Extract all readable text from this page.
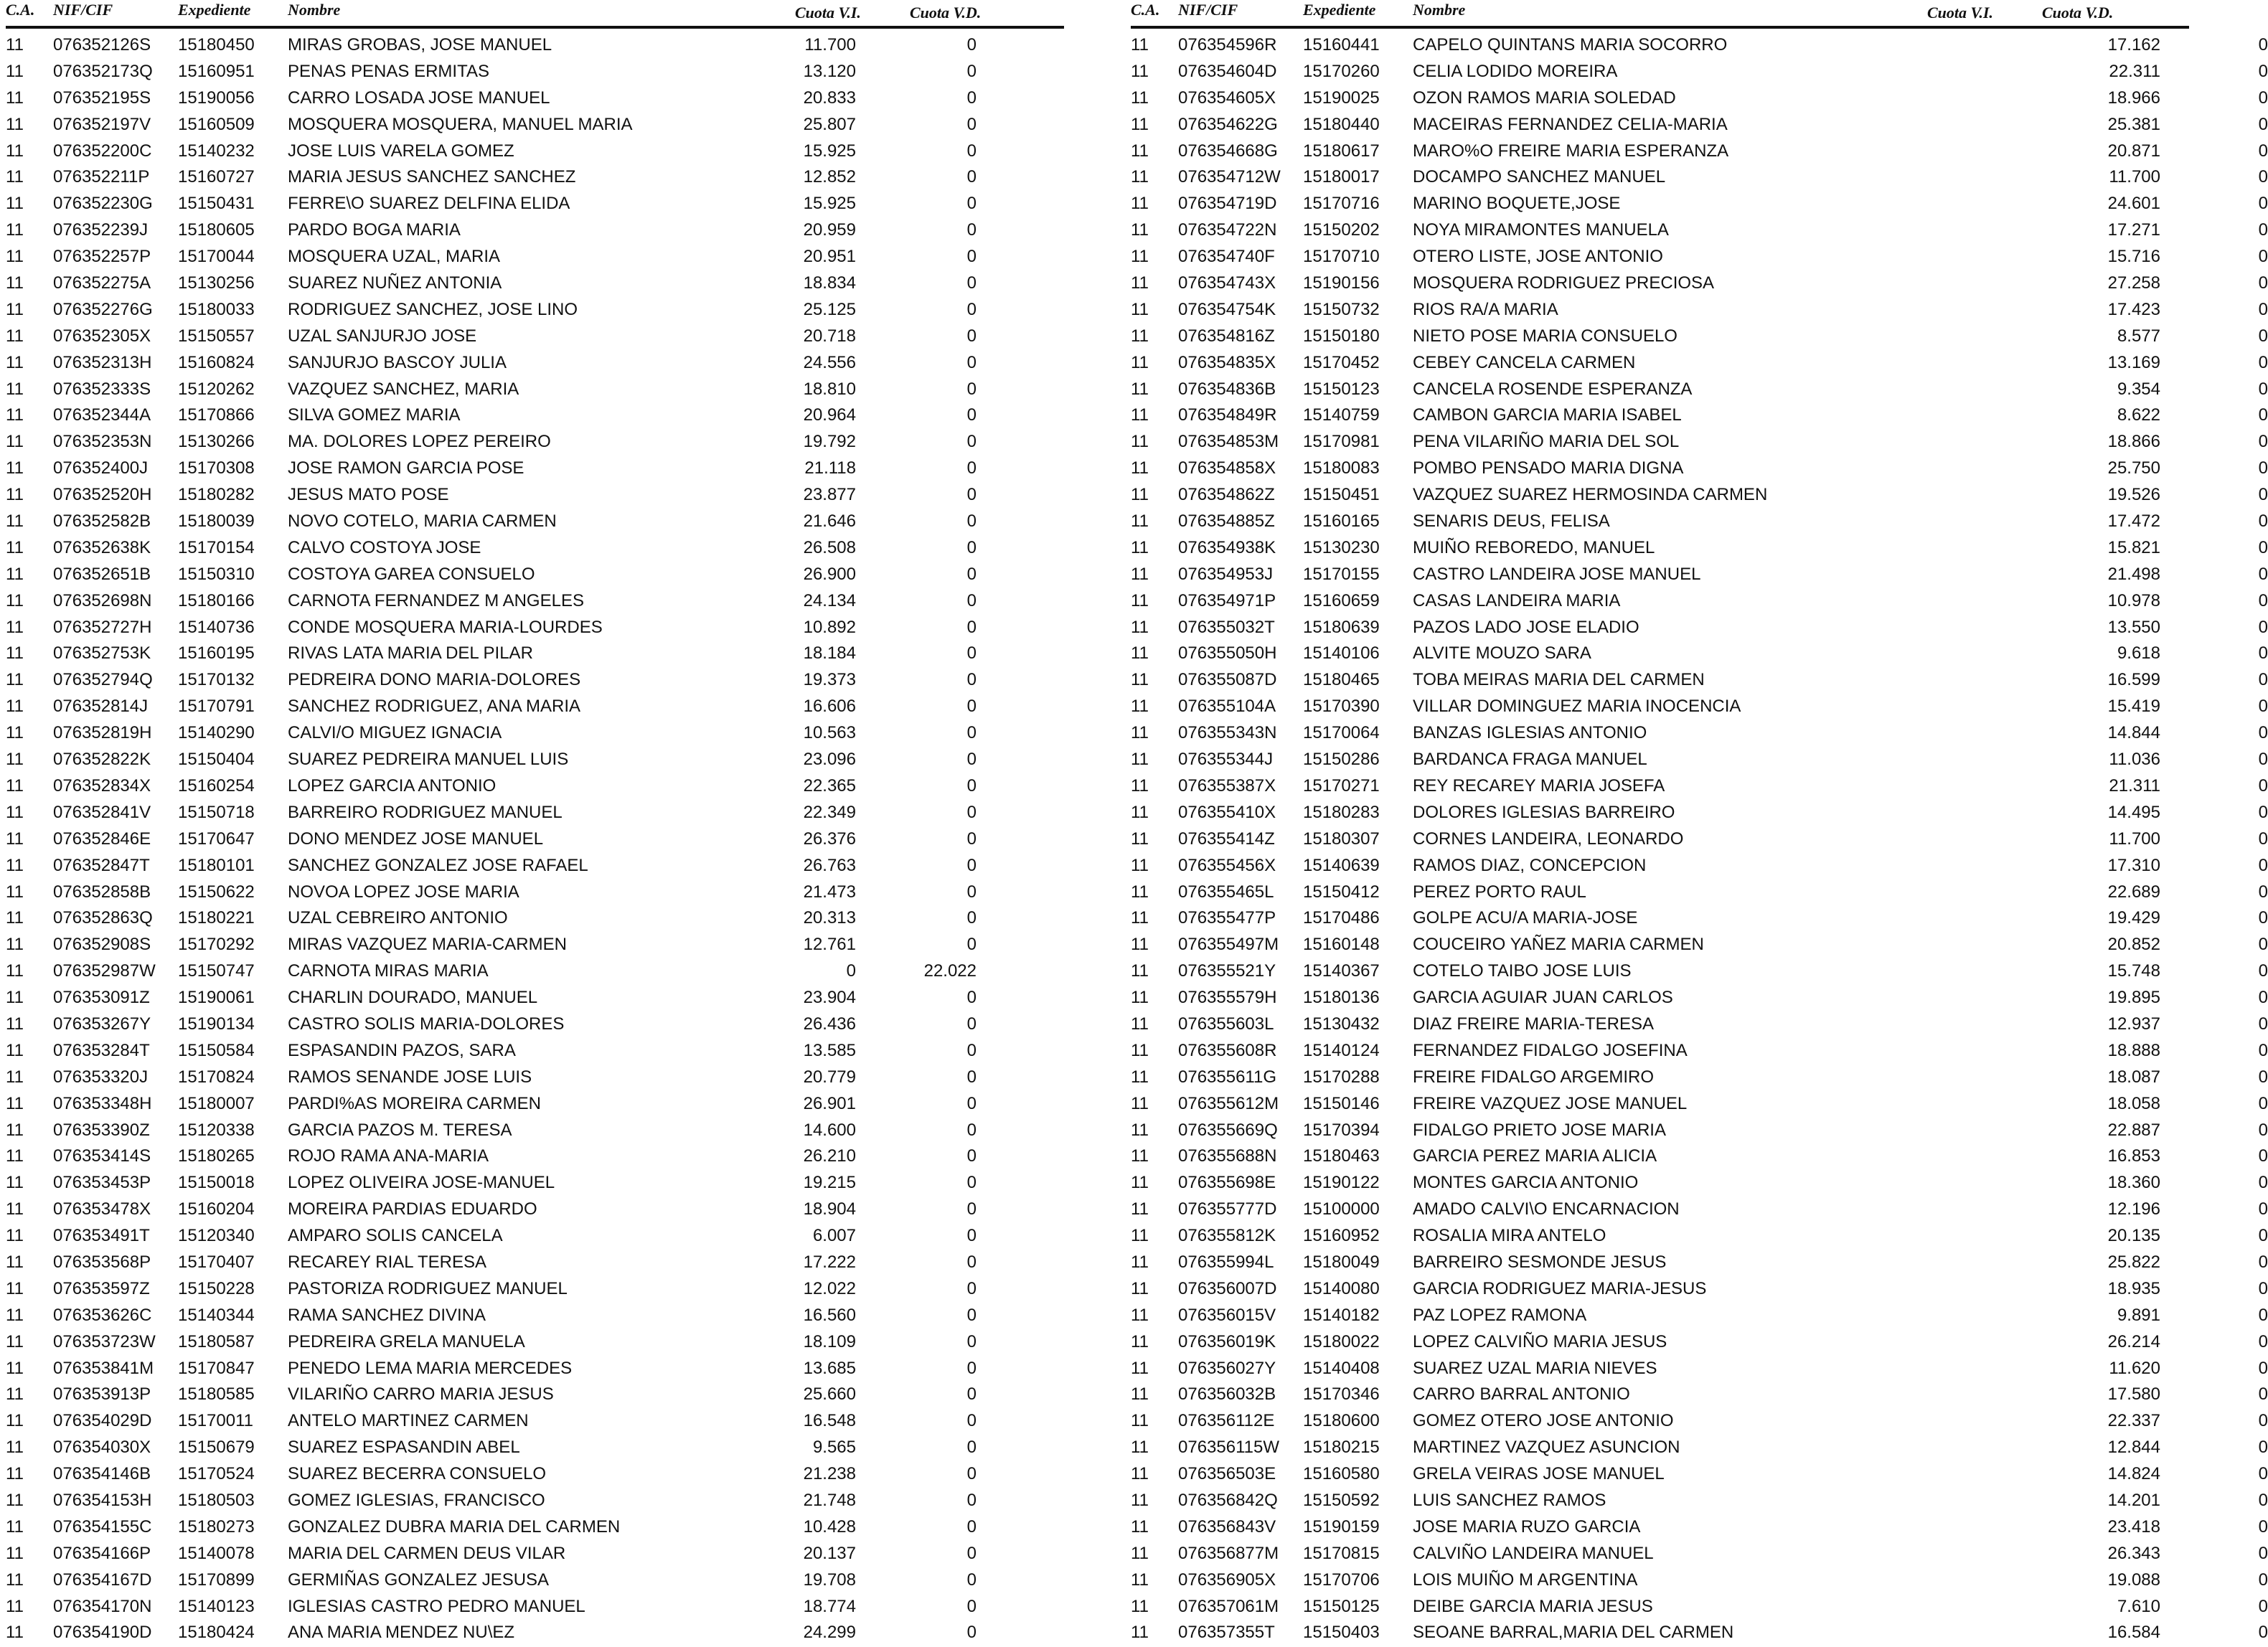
C.A. NIF/CIF	Expediente Nombre	Cuota V.I.	Cuota V.D.
11 076352126S 15180450 MIRAS GROBAS, JOSE MANUEL	11.700	0
11 076352173Q 15160951 PENAS PENAS ERMITAS	13.120	0
11 076352195S 15190056 CARRO LOSADA JOSE MANUEL	20.833	0
11 076352197V 15160509 MOSQUERA MOSQUERA, MANUEL MARIA	25.807	0
11 076352200C 15140232 JOSE LUIS VARELA GOMEZ	15.925	0
11 076352211P 15160727 MARIA JESUS SANCHEZ SANCHEZ	12.852	0
11 076352230G 15150431 FERRE\O SUAREZ DELFINA ELIDA	15.925	0
11 076352239J 15180605 PARDO BOGA MARIA	20.959	0
11 076352257P 15170044 MOSQUERA UZAL, MARIA	20.951	0
11 076352275A 15130256 SUAREZ NUÑEZ ANTONIA	18.834	0
11 076352276G 15180033 RODRIGUEZ SANCHEZ, JOSE LINO	25.125	0
11 076352305X 15150557 UZAL SANJURJO JOSE	20.718	0
11 076352313H 15160824 SANJURJO BASCOY JULIA	24.556	0
11 076352333S 15120262 VAZQUEZ SANCHEZ, MARIA	18.810	0
11 076352344A 15170866 SILVA GOMEZ MARIA	20.964	0
11 076352353N 15130266 MA. DOLORES LOPEZ PEREIRO	19.792	0
11 076352400J 15170308 JOSE RAMON GARCIA POSE	21.118	0
11 076352520H 15180282 JESUS MATO POSE	23.877	0
11 076352582B 15180039 NOVO COTELO, MARIA CARMEN	21.646	0
11 076352638K 15170154 CALVO COSTOYA JOSE	26.508	0
11 076352651B 15150310 COSTOYA GAREA CONSUELO	26.900	0
11 076352698N 15180166 CARNOTA FERNANDEZ M ANGELES	24.134	0
11 076352727H 15140736 CONDE MOSQUERA MARIA-LOURDES	10.892	0
11 076352753K 15160195 RIVAS LATA MARIA DEL PILAR	18.184	0
11 076352794Q 15170132 PEDREIRA DONO MARIA-DOLORES	19.373	0
11 076352814J 15170791 SANCHEZ RODRIGUEZ, ANA MARIA	16.606	0
11 076352819H 15140290 CALVI/O MIGUEZ IGNACIA	10.563	0
11 076352822K 15150404 SUAREZ PEDREIRA MANUEL LUIS	23.096	0
11 076352834X 15160254 LOPEZ GARCIA ANTONIO	22.365	0
11 076352841V 15150718 BARREIRO RODRIGUEZ MANUEL	22.349	0
11 076352846E 15170647 DONO MENDEZ JOSE MANUEL	26.376	0
11 076352847T 15180101 SANCHEZ GONZALEZ JOSE RAFAEL	26.763	0
11 076352858B 15150622 NOVOA LOPEZ JOSE MARIA	21.473	0
11 076352863Q 15180221 UZAL CEBREIRO ANTONIO	20.313	0
11 076352908S 15170292 MIRAS VAZQUEZ MARIA-CARMEN	12.761	0
11 076352987W 15150747 CARNOTA MIRAS MARIA	0	22.022
11 076353091Z 15190061 CHARLIN DOURADO, MANUEL	23.904	0
11 076353267Y 15190134 CASTRO SOLIS MARIA-DOLORES	26.436	0
11 076353284T 15150584 ESPASANDIN PAZOS, SARA	13.585	0
11 076353320J 15170824 RAMOS SENANDE JOSE LUIS	20.779	0
11 076353348H 15180007 PARDI%AS MOREIRA CARMEN	26.901	0
11 076353390Z 15120338 GARCIA PAZOS M. TERESA	14.600	0
11 076353414S 15180265 ROJO RAMA ANA-MARIA	26.210	0
11 076353453P 15150018 LOPEZ OLIVEIRA JOSE-MANUEL	19.215	0
11 076353478X 15160204 MOREIRA PARDIAS EDUARDO	18.904	0
11 076353491T 15120340 AMPARO SOLIS CANCELA	6.007	0
11 076353568P 15170407 RECAREY RIAL TERESA	17.222	0
11 076353597Z 15150228 PASTORIZA RODRIGUEZ MANUEL	12.022	0
11 076353626C 15140344 RAMA SANCHEZ DIVINA	16.560	0
11 076353723W 15180587 PEDREIRA GRELA MANUELA	18.109	0
11 076353841M 15170847 PENEDO LEMA MARIA MERCEDES	13.685	0
11 076353913P 15180585 VILARIÑO CARRO MARIA JESUS	25.660	0
11 076354029D 15170011 ANTELO MARTINEZ CARMEN	16.548	0
11 076354030X 15150679 SUAREZ ESPASANDIN ABEL	9.565	0
11 076354146B 15170524 SUAREZ BECERRA CONSUELO	21.238	0
11 076354153H 15180503 GOMEZ IGLESIAS, FRANCISCO	21.748	0
11 076354155C 15180273 GONZALEZ DUBRA MARIA DEL CARMEN	10.428	0
11 076354166P 15140078 MARIA DEL CARMEN DEUS VILAR	20.137	0
11 076354167D 15170899 GERMIÑAS GONZALEZ JESUSA	19.708	0
11 076354170N 15140123 IGLESIAS CASTRO PEDRO MANUEL	18.774	0
11 076354190D 15180424 ANA MARIA MENDEZ NU\EZ	24.299	0
C.A. NIF/CIF	Expediente Nombre	Cuota V.I.	Cuota V.D.
11 076354596R 15160441 CAPELO QUINTANS MARIA SOCORRO	17.162	0
11 076354604D 15170260 CELIA LODIDO MOREIRA	22.311	0
11 076354605X 15190025 OZON RAMOS MARIA SOLEDAD	18.966	0
11 076354622G 15180440 MACEIRAS FERNANDEZ CELIA-MARIA	25.381	0
11 076354668G 15180617 MARO%O FREIRE MARIA ESPERANZA	20.871	0
11 076354712W 15180017 DOCAMPO SANCHEZ MANUEL	11.700	0
11 076354719D 15170716 MARINO BOQUETE,JOSE	24.601	0
11 076354722N 15150202 NOYA MIRAMONTES MANUELA	17.271	0
11 076354740F 15170710 OTERO LISTE, JOSE ANTONIO	15.716	0
11 076354743X 15190156 MOSQUERA RODRIGUEZ PRECIOSA	27.258	0
11 076354754K 15150732 RIOS RA/A MARIA	17.423	0
11 076354816Z 15150180 NIETO POSE MARIA CONSUELO	8.577	0
11 076354835X 15170452 CEBEY CANCELA CARMEN	13.169	0
11 076354836B 15150123 CANCELA ROSENDE ESPERANZA	9.354	0
11 076354849R 15140759 CAMBON GARCIA MARIA ISABEL	8.622	0
11 076354853M 15170981 PENA VILARIÑO MARIA DEL SOL	18.866	0
11 076354858X 15180083 POMBO PENSADO MARIA DIGNA	25.750	0
11 076354862Z 15150451 VAZQUEZ SUAREZ HERMOSINDA CARMEN	19.526	0
11 076354885Z 15160165 SENARIS DEUS, FELISA	17.472	0
11 076354938K 15130230 MUIÑO REBOREDO, MANUEL	15.821	0
11 076354953J 15170155 CASTRO LANDEIRA JOSE MANUEL	21.498	0
11 076354971P 15160659 CASAS LANDEIRA MARIA	10.978	0
11 076355032T 15180639 PAZOS LADO JOSE ELADIO	13.550	0
11 076355050H 15140106 ALVITE MOUZO SARA	9.618	0
11 076355087D 15180465 TOBA MEIRAS MARIA DEL CARMEN	16.599	0
11 076355104A 15170390 VILLAR DOMINGUEZ MARIA INOCENCIA	15.419	0
11 076355343N 15170064 BANZAS IGLESIAS ANTONIO	14.844	0
11 076355344J 15150286 BARDANCA FRAGA MANUEL	11.036	0
11 076355387X 15170271 REY RECAREY MARIA JOSEFA	21.311	0
11 076355410X 15180283 DOLORES IGLESIAS BARREIRO	14.495	0
11 076355414Z 15180307 CORNES LANDEIRA, LEONARDO	11.700	0
11 076355456X 15140639 RAMOS DIAZ, CONCEPCION	17.310	0
11 076355465L 15150412 PEREZ PORTO RAUL	22.689	0
11 076355477P 15170486 GOLPE ACU/A MARIA-JOSE	19.429	0
11 076355497M 15160148 COUCEIRO YAÑEZ MARIA CARMEN	20.852	0
11 076355521Y 15140367 COTELO TAIBO JOSE LUIS	15.748	0
11 076355579H 15180136 GARCIA AGUIAR JUAN CARLOS	19.895	0
11 076355603L 15130432 DIAZ FREIRE MARIA-TERESA	12.937	0
11 076355608R 15140124 FERNANDEZ FIDALGO JOSEFINA	18.888	0
11 076355611G 15170288 FREIRE FIDALGO ARGEMIRO	18.087	0
11 076355612M 15150146 FREIRE VAZQUEZ JOSE MANUEL	18.058	0
11 076355669Q 15170394 FIDALGO PRIETO JOSE MARIA	22.887	0
11 076355688N 15180463 GARCIA PEREZ MARIA ALICIA	16.853	0
11 076355698E 15190122 MONTES GARCIA ANTONIO	18.360	0
11 076355777D 15100000 AMADO CALVI\O ENCARNACION	12.196	0
11 076355812K 15160952 ROSALIA MIRA ANTELO	20.135	0
11 076355994L 15180049 BARREIRO SESMONDE JESUS	25.822	0
11 076356007D 15140080 GARCIA RODRIGUEZ MARIA-JESUS	18.935	0
11 076356015V 15140182 PAZ LOPEZ RAMONA	9.891	0
11 076356019K 15180022 LOPEZ CALVIÑO MARIA JESUS	26.214	0
11 076356027Y 15140408 SUAREZ UZAL MARIA NIEVES	11.620	0
11 076356032B 15170346 CARRO BARRAL ANTONIO	17.580	0
11 076356112E 15180600 GOMEZ OTERO JOSE ANTONIO	22.337	0
11 076356115W 15180215 MARTINEZ VAZQUEZ ASUNCION	12.844	0
11 076356503E 15160580 GRELA VEIRAS JOSE MANUEL	14.824	0
11 076356842Q 15150592 LUIS SANCHEZ RAMOS	14.201	0
11 076356843V 15190159 JOSE MARIA RUZO GARCIA	23.418	0
11 076356877M 15170815 CALVIÑO LANDEIRA MANUEL	26.343	0
11 076356905X 15170706 LOIS MUIÑO M ARGENTINA	19.088	0
11 076357061M 15150125 DEIBE GARCIA MARIA JESUS	7.610	0
11 076357355T 15150403 SEOANE BARRAL,MARIA DEL CARMEN	16.584	0
